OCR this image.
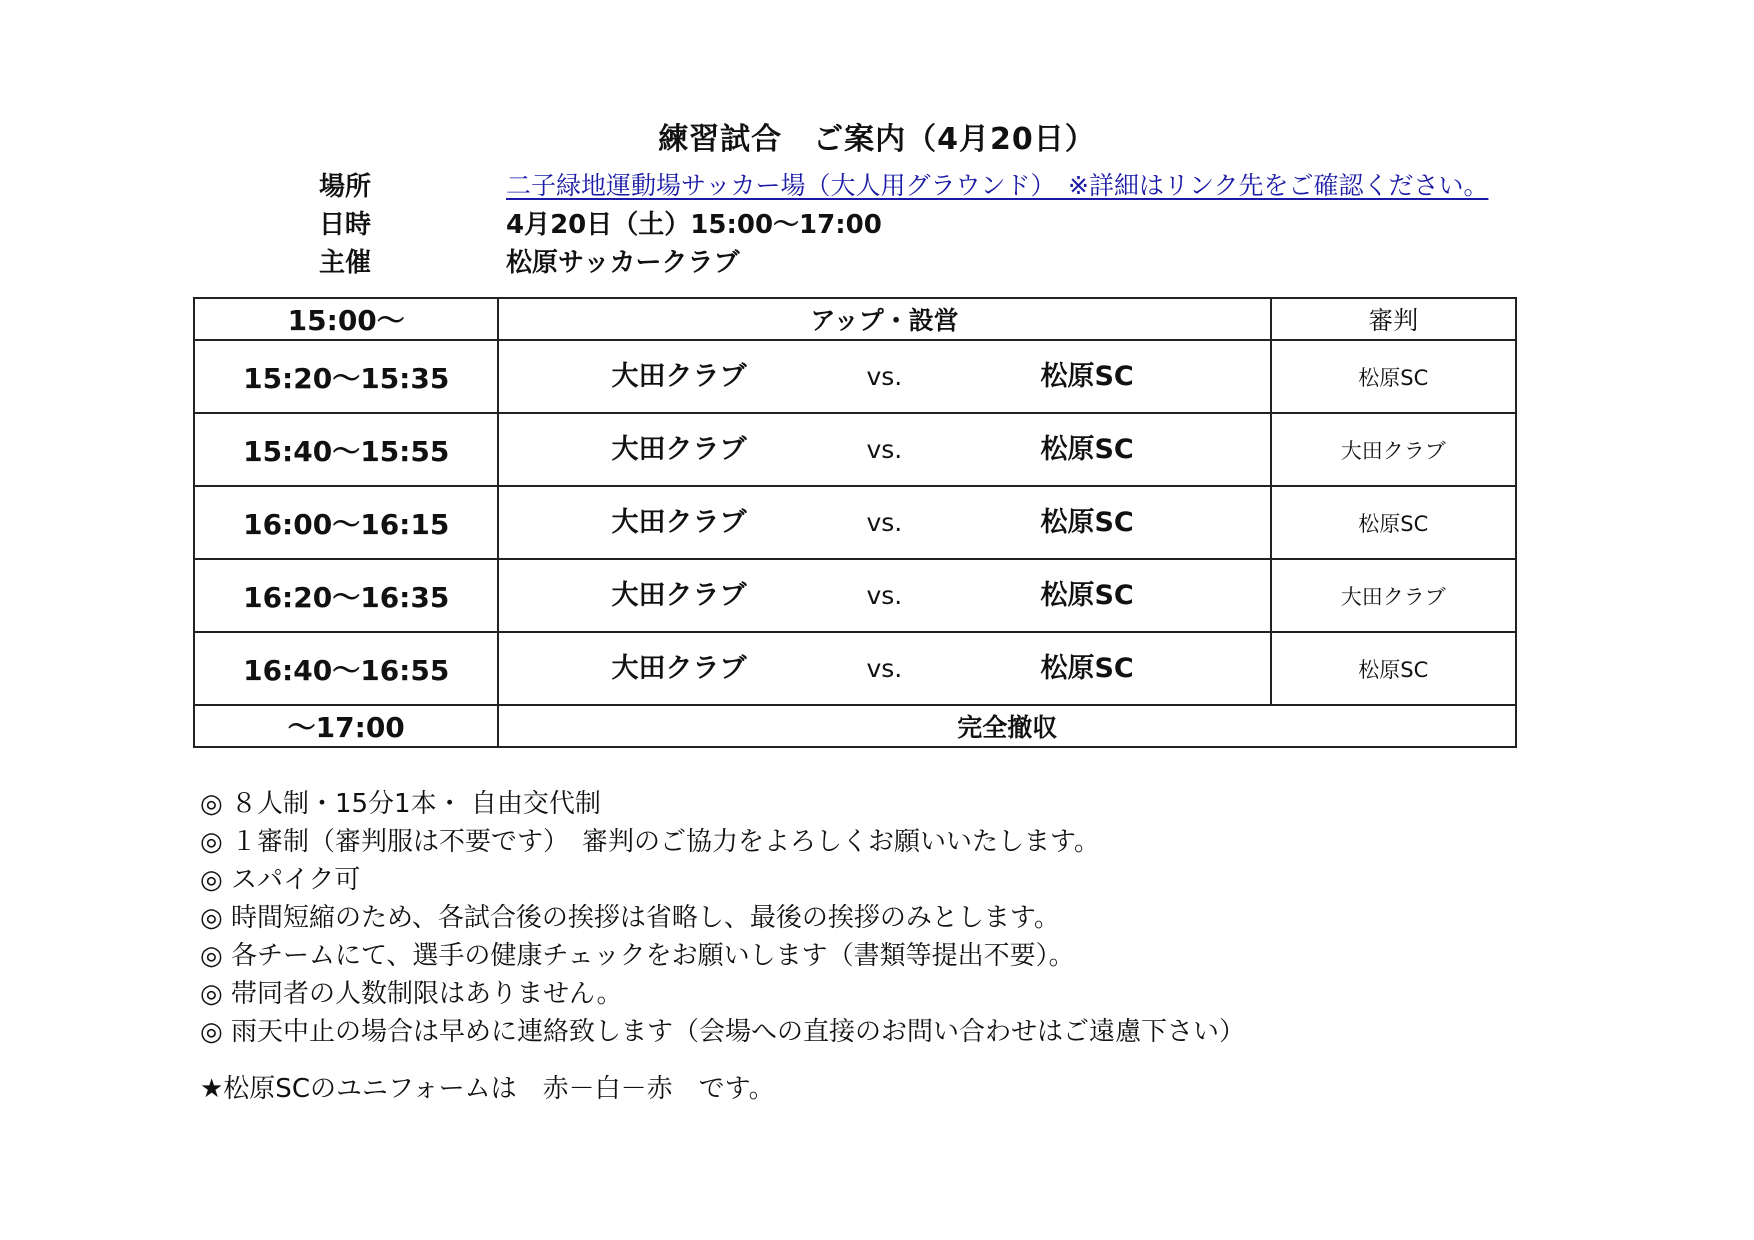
練習試合　ご案内（4月20日）
場所	二子緑地運動場サッカー場（大人用グラウンド）　※詳細はリンク先をご確認ください。
日時	4月20日（土）15:00〜17:00
主催	松原サッカークラブ
15:00〜	アップ・設営	審判
15:20〜15:35	大田クラブ vs. 松原SC	松原SC
15:40〜15:55	大田クラブ vs. 松原SC	大田クラブ
16:00〜16:15	大田クラブ vs. 松原SC	松原SC
16:20〜16:35	大田クラブ vs. 松原SC	大田クラブ
16:40〜16:55	大田クラブ vs. 松原SC	松原SC
〜17:00	完全撤収	
◎ ８人制・15分1本・ 自由交代制
◎ １審制（審判服は不要です）　審判のご協力をよろしくお願いいたします。
◎ スパイク可
◎ 時間短縮のため、各試合後の挨拶は省略し、最後の挨拶のみとします。
◎ 各チームにて、選手の健康チェックをお願いします（書類等提出不要）。
◎ 帯同者の人数制限はありません。
◎ 雨天中止の場合は早めに連絡致します（会場への直接のお問い合わせはご遠慮下さい）
★松原SCのユニフォームは　赤－白－赤　です。
